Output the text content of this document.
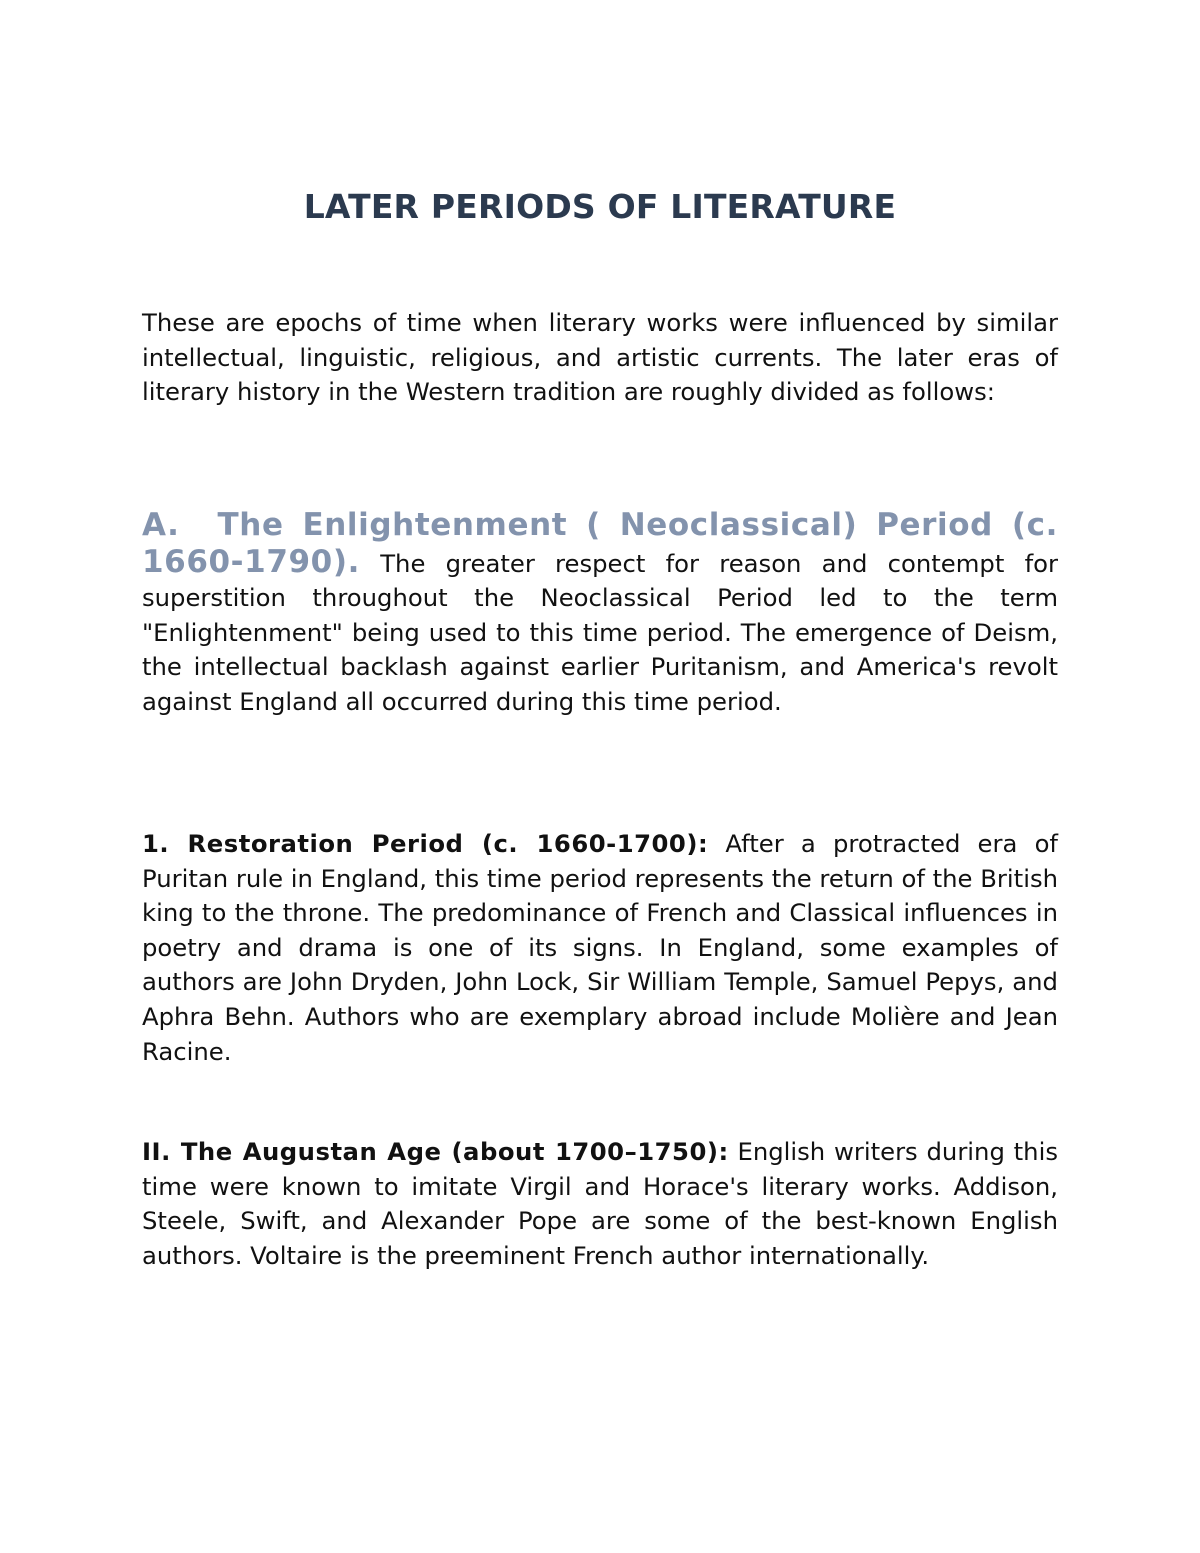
LATER PERIODS OF LITERATURE

These are epochs of time when literary works were influenced by similar intellectual, linguistic, religious, and artistic currents. The later eras of literary history in the Western tradition are roughly divided as follows:

A. The Enlightenment ( Neoclassical) Period (c. 1660-1790). The greater respect for reason and contempt for superstition throughout the Neoclassical Period led to the term "Enlightenment" being used to this time period. The emergence of Deism, the intellectual backlash against earlier Puritanism, and America's revolt against England all occurred during this time period.

1. Restoration Period (c. 1660-1700): After a protracted era of Puritan rule in England, this time period represents the return of the British king to the throne. The predominance of French and Classical influences in poetry and drama is one of its signs. In England, some examples of authors are John Dryden, John Lock, Sir William Temple, Samuel Pepys, and Aphra Behn. Authors who are exemplary abroad include Molière and Jean Racine.

II. The Augustan Age (about 1700–1750): English writers during this time were known to imitate Virgil and Horace's literary works. Addison, Steele, Swift, and Alexander Pope are some of the best-known English authors. Voltaire is the preeminent French author internationally.
